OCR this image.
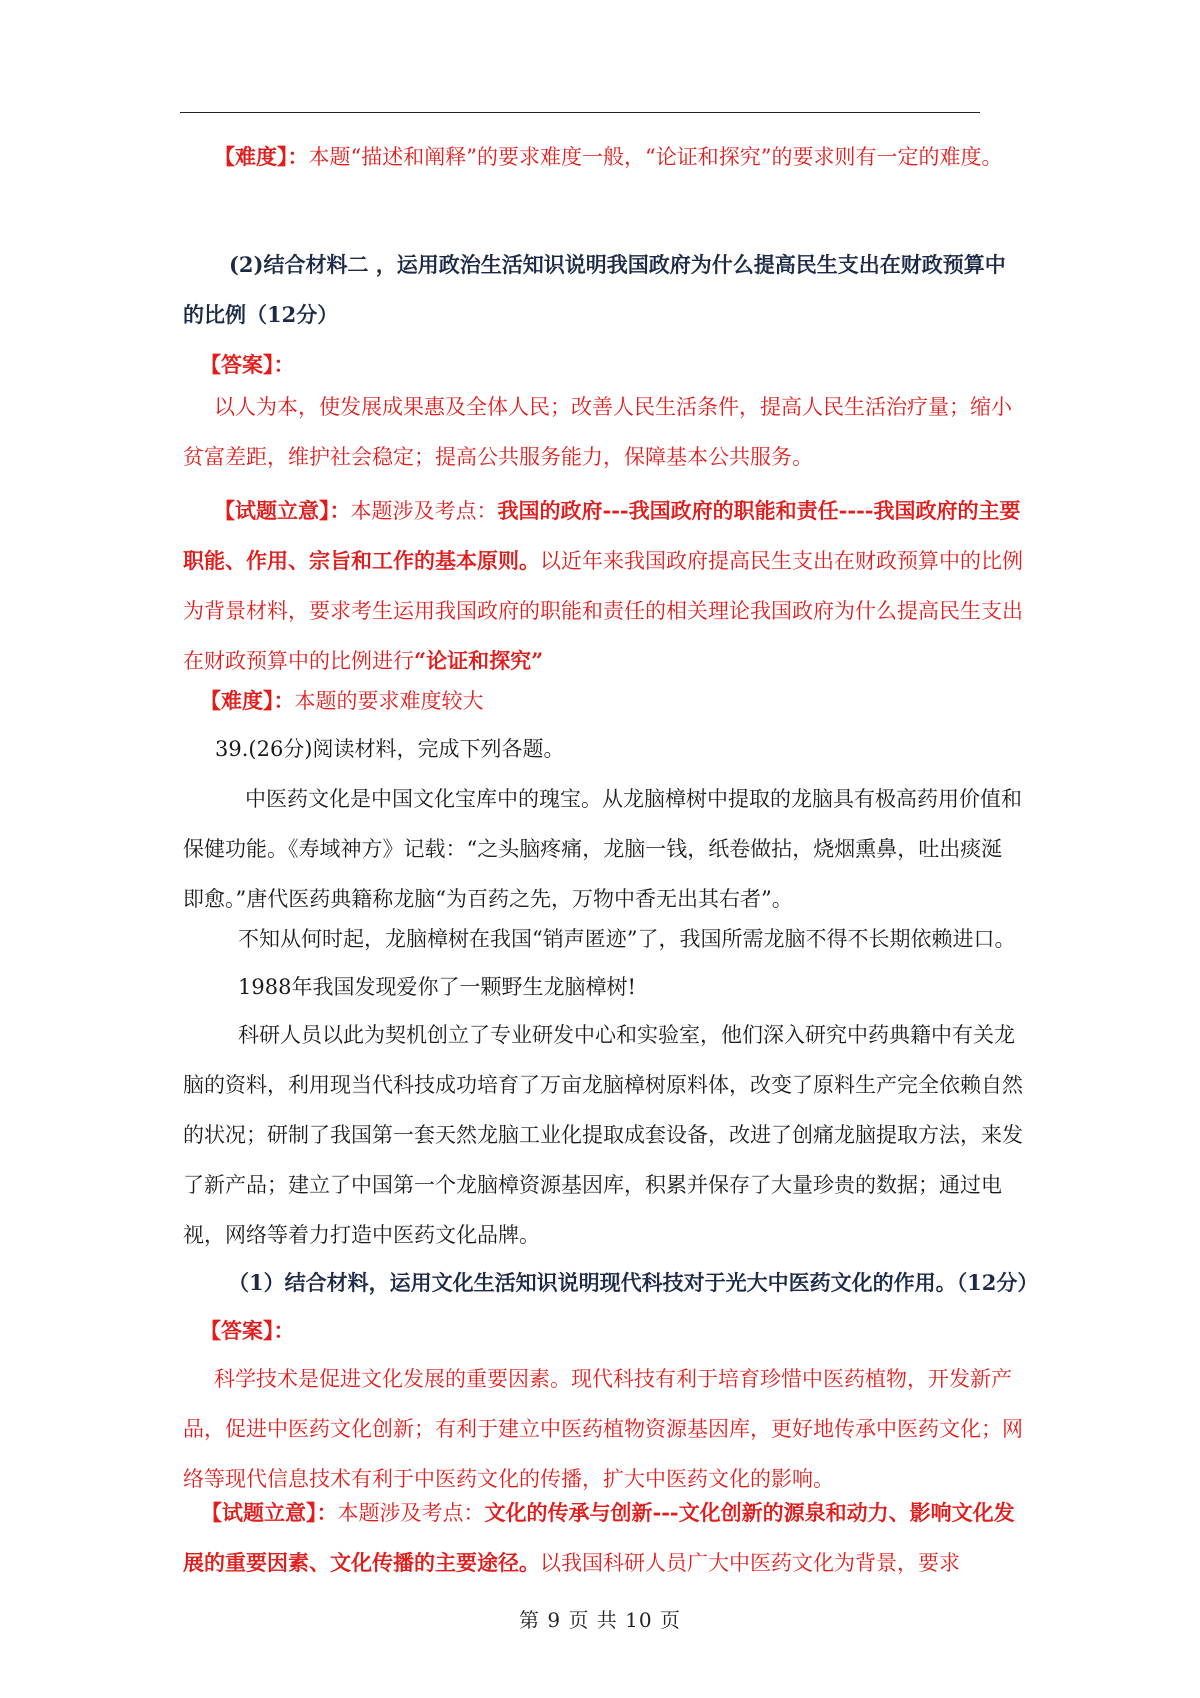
【难度】：本题“描述和阐释”的要求难度一般，“论证和探究”的要求则有一定的难度。
(2)结合材料二 ，运用政治生活知识说明我国政府为什么提高民生支出在财政预算中的比例（12分）
【答案】：
以人为本，使发展成果惠及全体人民；改善人民生活条件，提高人民生活治疗量；缩小贫富差距，维护社会稳定；提高公共服务能力，保障基本公共服务。
【试题立意】：本题涉及考点：我国的政府---我国政府的职能和责任----我国政府的主要职能、作用、宗旨和工作的基本原则。以近年来我国政府提高民生支出在财政预算中的比例为背景材料，要求考生运用我国政府的职能和责任的相关理论我国政府为什么提高民生支出在财政预算中的比例进行“论证和探究”
【难度】：本题的要求难度较大
39.(26分)阅读材料，完成下列各题。
中医药文化是中国文化宝库中的瑰宝。从龙脑樟树中提取的龙脑具有极高药用价值和保健功能。《寿域神方》记载：“之头脑疼痛，龙脑一钱，纸卷做拈，烧烟熏鼻，吐出痰涎即愈。”唐代医药典籍称龙脑“为百药之先，万物中香无出其右者”。
不知从何时起，龙脑樟树在我国“销声匿迹”了，我国所需龙脑不得不长期依赖进口。
1988年我国发现爱你了一颗野生龙脑樟树!
科研人员以此为契机创立了专业研发中心和实验室，他们深入研究中药典籍中有关龙脑的资料，利用现当代科技成功培育了万亩龙脑樟树原料体，改变了原料生产完全依赖自然的状况；研制了我国第一套天然龙脑工业化提取成套设备，改进了创痛龙脑提取方法，来发了新产品；建立了中国第一个龙脑樟资源基因库，积累并保存了大量珍贵的数据；通过电视，网络等着力打造中医药文化品牌。
（1）结合材料，运用文化生活知识说明现代科技对于光大中医药文化的作用。（12分）
【答案】：
科学技术是促进文化发展的重要因素。现代科技有利于培育珍惜中医药植物，开发新产品，促进中医药文化创新；有利于建立中医药植物资源基因库，更好地传承中医药文化；网络等现代信息技术有利于中医药文化的传播，扩大中医药文化的影响。
【试题立意】：本题涉及考点：文化的传承与创新---文化创新的源泉和动力、影响文化发展的重要因素、文化传播的主要途径。以我国科研人员广大中医药文化为背景，要求
第 9 页 共 10 页
